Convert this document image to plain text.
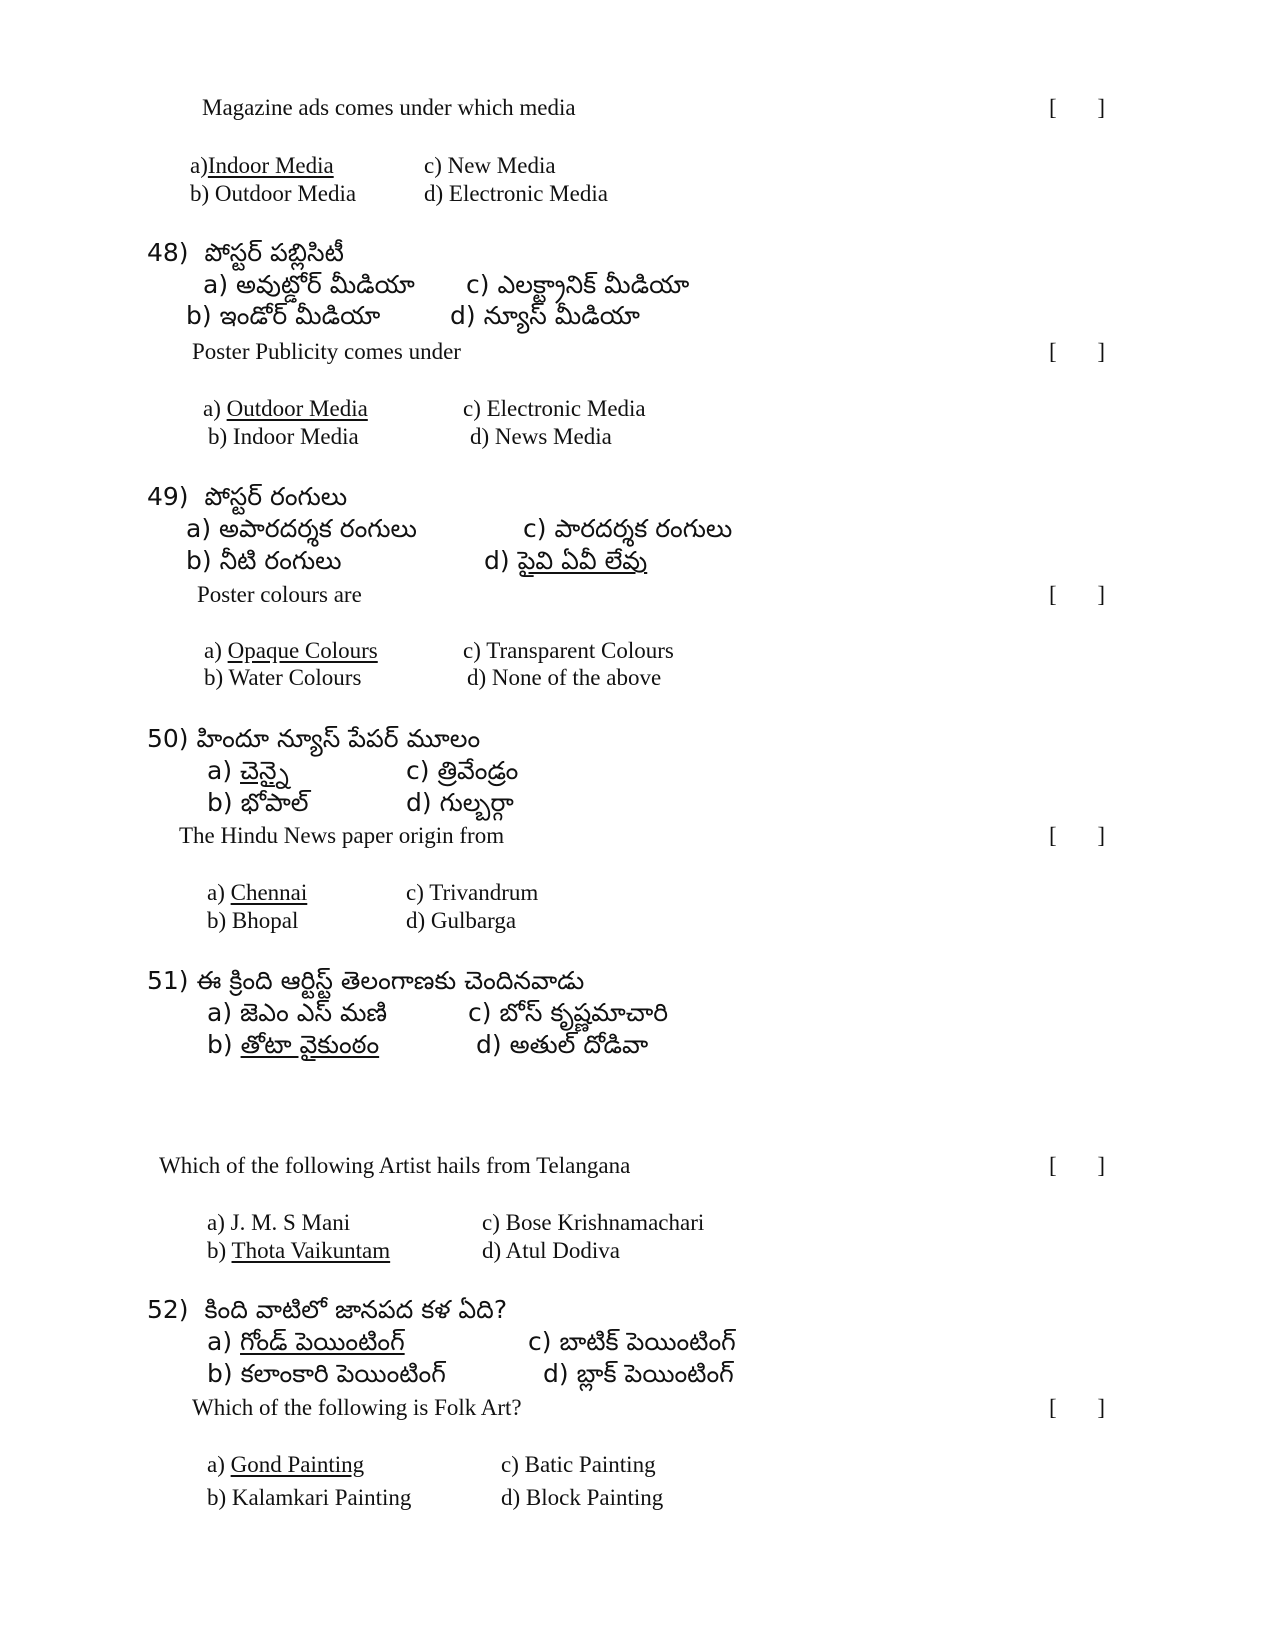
Magazine ads comes under which media	[ ]
a)Indoor Media	c) New Media
b) Outdoor Media	d) Electronic Media
48) పోస్టర్ పబ్లిసిటీ
a) అవుట్డోర్ మీడియా c) ఎలక్ట్రానిక్ మీడియా
b) ఇండోర్ మీడియా	d) న్యూస్ మీడియా
Poster Publicity comes under	[ ]
a) Outdoor Media	c) Electronic Media
b) Indoor Media	d) News Media
49) పోస్టర్ రంగులు
a) అపారదర్శక రంగులు	c) పారదర్శక రంగులు
b) నీటి రంగులు	d) పైవి ఏవీ లేవు
Poster colours are	[ ]
a) Opaque Colours	c) Transparent Colours
b) Water Colours	d) None of the above
50) హిందూ న్యూస్ పేపర్ మూలం
a) చెన్నై	c) త్రివేండ్రం
b) భోపాల్	d) గుల్బర్గా
The Hindu News paper origin from	[ ]
a) Chennai	c) Trivandrum
b) Bhopal	d) Gulbarga
51) ఈ క్రింది ఆర్టిస్ట్ తెలంగాణకు చెందినవాడు
a) జెఎం ఎస్ మణి	c) బోస్ కృష్ణమాచారి
b) తోటా వైకుంఠం	d) అతుల్ దోడివా
Which of the following Artist hails from Telangana	[ ]
a) J. M. S Mani	c) Bose Krishnamachari
b) Thota Vaikuntam	d) Atul Dodiva
52) కింది వాటిలో జానపద కళ ఏది?
a) గోండ్ పెయింటింగ్	c) బాటిక్ పెయింటింగ్
b) కలాంకారి పెయింటింగ్	d) బ్లాక్ పెయింటింగ్
Which of the following is Folk Art?	[ ]
a) Gond Painting	c) Batic Painting
b) Kalamkari Painting	d) Block Painting
